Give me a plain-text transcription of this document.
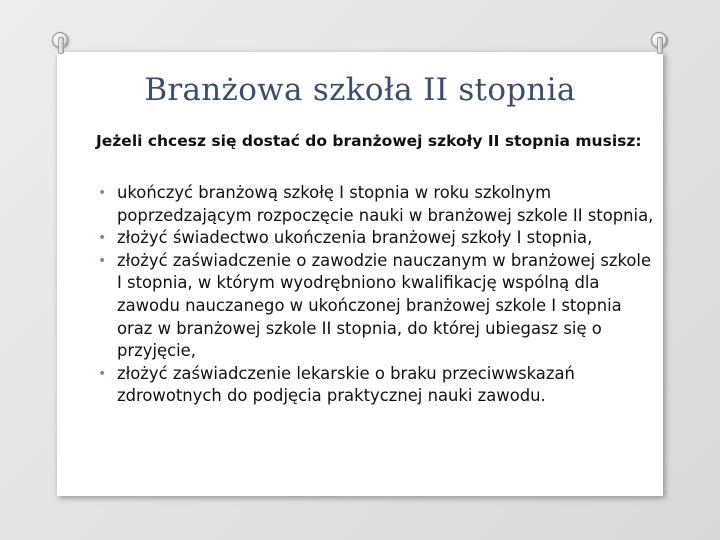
Branżowa szkoła II stopnia
Jeżeli chcesz się dostać do branżowej szkoły II stopnia musisz:
• ukończyć branżową szkołę I stopnia w roku szkolnym poprzedzającym rozpoczęcie nauki w branżowej szkole II stopnia,
• złożyć świadectwo ukończenia branżowej szkoły I stopnia,
• złożyć zaświadczenie o zawodzie nauczanym w branżowej szkole I stopnia, w którym wyodrębniono kwalifikację wspólną dla zawodu nauczanego w ukończonej branżowej szkole I stopnia oraz w branżowej szkole II stopnia, do której ubiegasz się o przyjęcie,
• złożyć zaświadczenie lekarskie o braku przeciwwskazań zdrowotnych do podjęcia praktycznej nauki zawodu.
